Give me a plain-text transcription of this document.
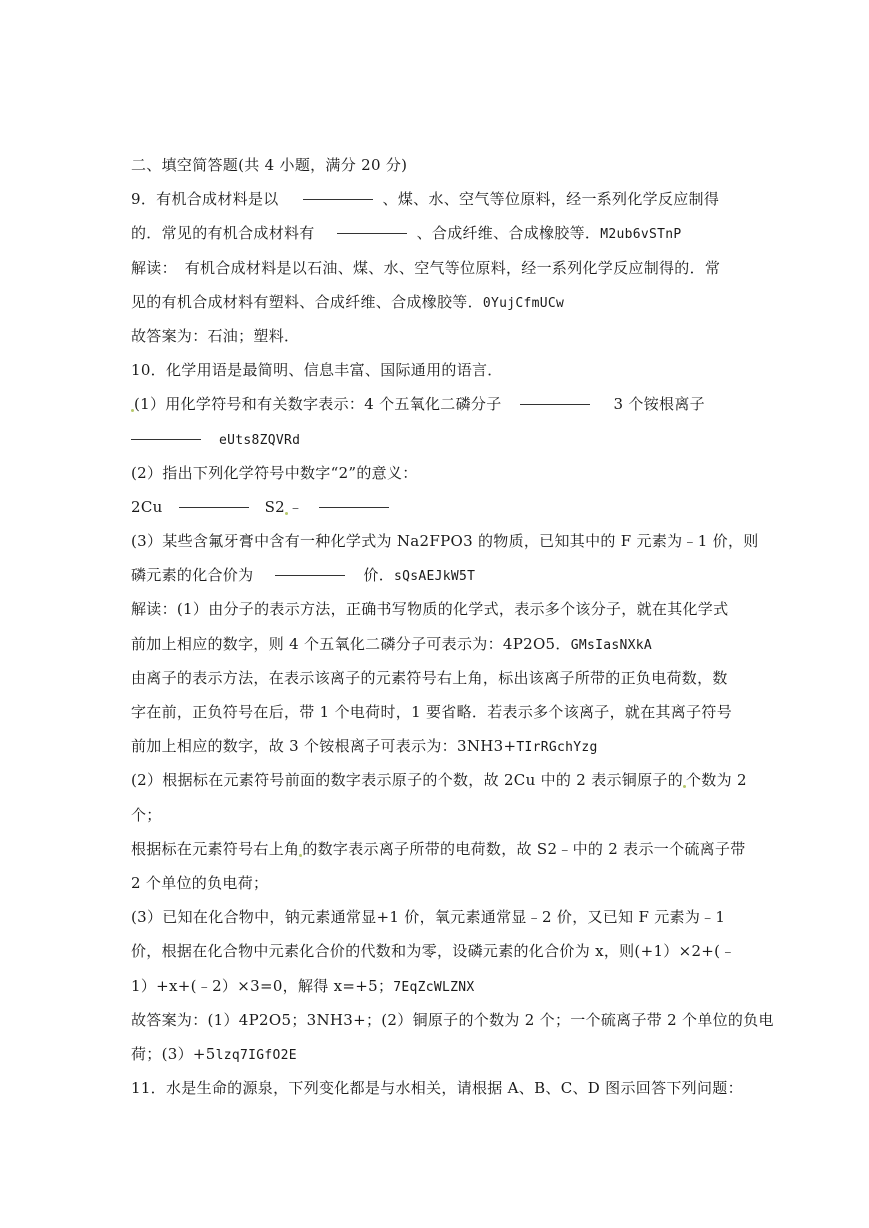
二、填空简答题(共 4 小题，满分 20 分)
9．有机合成材料是以	、煤、水、空气等位原料，经一系列化学反应制得
的．常见的有机合成材料有	、合成纤维、合成橡胶等．M2ub6vSTnP
解读：　有机合成材料是以石油、煤、水、空气等位原料，经一系列化学反应制得的．常
见的有机合成材料有塑料、合成纤维、合成橡胶等．0YujCfmUCw
故答案为：石油；塑料．
10．化学用语是最简明、信息丰富、国际通用的语言．
(1）用化学符号和有关数字表示：4 个五氧化二磷分子	3 个铵根离子
eUts8ZQVRd
(2）指出下列化学符号中数字“2”的意义：
2Cu	S2 ﹣
(3）某些含氟牙膏中含有一种化学式为 Na2FPO3 的物质，已知其中的 F 元素为﹣1 价，则
磷元素的化合价为	价．sQsAEJkW5T
解读：(1）由分子的表示方法，正确书写物质的化学式，表示多个该分子，就在其化学式
前加上相应的数字，则 4 个五氧化二磷分子可表示为：4P2O5．GMsIasNXkA
由离子的表示方法，在表示该离子的元素符号右上角，标出该离子所带的正负电荷数，数
字在前，正负符号在后，带 1 个电荷时，1 要省略．若表示多个该离子，就在其离子符号
前加上相应的数字，故 3 个铵根离子可表示为：3NH3+TIrRGchYzg
(2）根据标在元素符号前面的数字表示原子的个数，故 2Cu 中的 2 表示铜原子的 个数为 2
个；
根据标在元素符号右上角 的数字表示离子所带的电荷数，故 S2﹣中的 2 表示一个硫离子带
2 个单位的负电荷；
(3）已知在化合物中，钠元素通常显+1 价，氧元素通常显﹣2 价，又已知 F 元素为﹣1
价，根据在化合物中元素化合价的代数和为零，设磷元素的化合价为 x，则(+1）×2+(﹣
1）+x+(﹣2）×3=0，解得 x=+5；7EqZcWLZNX
故答案为：(1）4P2O5；3NH3+；(2）铜原子的个数为 2 个；一个硫离子带 2 个单位的负电
荷；(3）+5lzq7IGfO2E
11．水是生命的源泉，下列变化都是与水相关，请根据 A、B、C、D 图示回答下列问题：
